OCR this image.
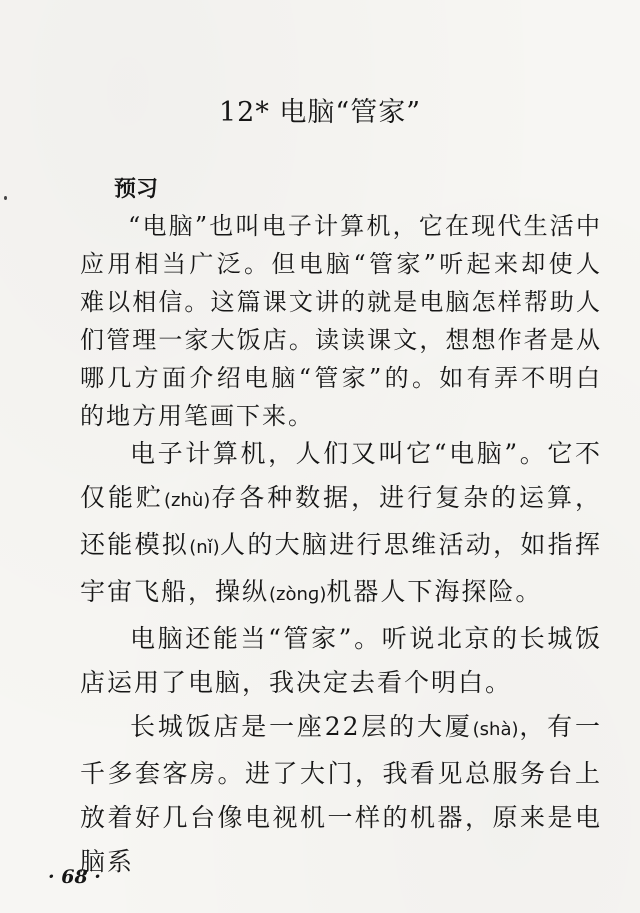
12* 电脑“管家”
预习

“电脑”也叫电子计算机，它在现代生活中应用相当广泛。但电脑“管家”听起来却使人难以相信。这篇课文讲的就是电脑怎样帮助人们管理一家大饭店。读读课文，想想作者是从哪几方面介绍电脑“管家”的。如有弄不明白的地方用笔画下来。

电子计算机，人们又叫它“电脑”。它不仅能贮(zhù)存各种数据，进行复杂的运算，还能模拟(nǐ)人的大脑进行思维活动，如指挥宇宙飞船，操纵(zònɡ)机器人下海探险。

电脑还能当“管家”。听说北京的长城饭店运用了电脑，我决定去看个明白。

长城饭店是一座22层的大厦(shà)，有一千多套客房。进了大门，我看见总服务台上放着好几台像电视机一样的机器，原来是电脑系

· 68 ·
